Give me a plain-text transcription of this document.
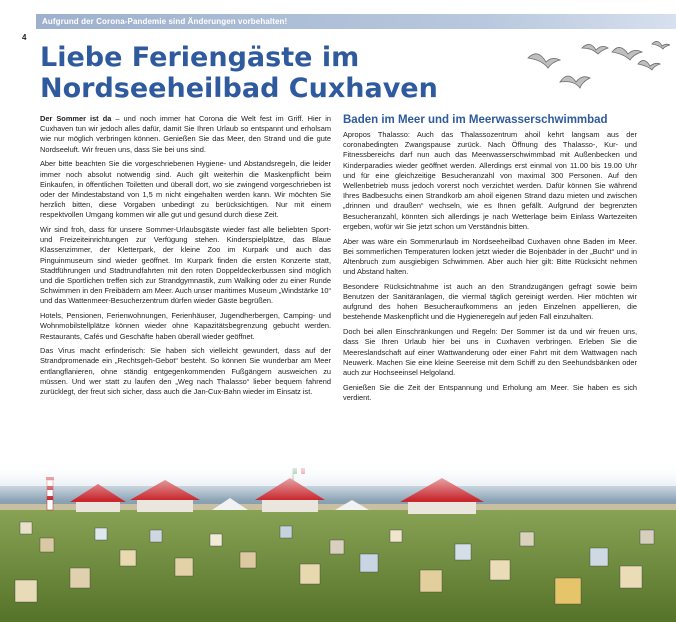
Aufgrund der Corona-Pandemie sind Änderungen vorbehalten!
4
Liebe Feriengäste im
Nordseeheilbad Cuxhaven

Der Sommer ist da – und noch immer hat Corona die Welt fest im Griff. Hier in Cuxhaven tun wir jedoch alles dafür, damit Sie Ihren Urlaub so entspannt und erholsam wie nur möglich verbringen können. Genießen Sie das Meer, den Strand und die gute Nordseeluft. Wir freuen uns, dass Sie bei uns sind.

Aber bitte beachten Sie die vorgeschriebenen Hygiene- und Abstandsregeln, die leider immer noch absolut notwendig sind. Auch gilt weiterhin die Maskenpflicht beim Einkaufen, in öffentlichen Toiletten und überall dort, wo sie zwingend vorgeschrieben ist oder der Mindestabstand von 1,5 m nicht eingehalten werden kann. Wir möchten Sie herzlich bitten, diese Vorgaben unbedingt zu berücksichtigen. Nur mit einem respektvollen Umgang kommen wir alle gut und gesund durch diese Zeit.

Wir sind froh, dass für unsere Sommer-Urlaubsgäste wieder fast alle beliebten Sport- und Freizeiteinrichtungen zur Verfügung stehen. Kinderspielplätze, das Blaue Klassenzimmer, der Kletterpark, der kleine Zoo im Kurpark und auch das Pinguinmuseum sind wieder geöffnet. Im Kurpark finden die ersten Konzerte statt, Stadtführungen und Stadtrundfahrten mit den roten Doppeldeckerbussen sind möglich und die Sportlichen treffen sich zur Strandgymnastik, zum Walking oder zu einer Runde Schwimmen in den Freibädern am Meer. Auch unser maritimes Museum „Windstärke 10“ und das Wattenmeer-Besucherzentrum dürfen wieder Gäste begrüßen.

Hotels, Pensionen, Ferienwohnungen, Ferienhäuser, Jugendherbergen, Camping- und Wohnmobilstellplätze können wieder ohne Kapazitätsbegrenzung gebucht werden. Restaurants, Cafés und Geschäfte haben überall wieder geöffnet.

Das Virus macht erfinderisch: Sie haben sich vielleicht gewundert, dass auf der Strandpromenade ein „Rechtsgeh-Gebot“ besteht. So können Sie wunderbar am Meer entlangflanieren, ohne ständig entgegenkommenden Fußgängern ausweichen zu müssen. Und wer statt zu laufen den „Weg nach Thalasso“ lieber bequem fahrend zurücklegt, der freut sich sicher, dass auch die Jan-Cux-Bahn wieder im Einsatz ist.

Baden im Meer und im Meerwasserschwimmbad

Apropos Thalasso: Auch das Thalassozentrum ahoil kehrt langsam aus der coronabedingten Zwangspause zurück. Nach Öffnung des Thalasso-, Kur- und Fitnessbereichs darf nun auch das Meerwasserschwimmbad mit Außenbecken und Kinderparadies wieder geöffnet werden. Allerdings erst einmal von 11.00 bis 19.00 Uhr und für eine gleichzeitige Besucheranzahl von maximal 300 Personen. Auf den Wellenbetrieb muss jedoch vorerst noch verzichtet werden. Dafür können Sie während Ihres Badbesuchs einen Strandkorb am ahoil eigenen Strand dazu mieten und zwischen „drinnen und draußen“ wechseln, wie es Ihnen gefällt. Aufgrund der begrenzten Besucheranzahl, könnten sich allerdings je nach Wetterlage beim Einlass Wartezeiten ergeben, wofür wir Sie jetzt schon um Verständnis bitten.

Aber was wäre ein Sommerurlaub im Nordseeheilbad Cuxhaven ohne Baden im Meer. Bei sommerlichen Temperaturen locken jetzt wieder die Bojenbäder in der „Bucht“ und in Altenbruch zum ausgiebigen Schwimmen. Aber auch hier gilt: Bitte Rücksicht nehmen und Abstand halten.

Besondere Rücksichtnahme ist auch an den Strandzugängen gefragt sowie beim Benutzen der Sanitäranlagen, die viermal täglich gereinigt werden. Hier möchten wir aufgrund des hohen Besucheraufkommens an jeden Einzelnen appellieren, die bestehende Maskenpflicht und die Hygieneregeln auf jeden Fall einzuhalten.

Doch bei allen Einschränkungen und Regeln: Der Sommer ist da und wir freuen uns, dass Sie Ihren Urlaub hier bei uns in Cuxhaven verbringen. Erleben Sie die Meereslandschaft auf einer Wattwanderung oder einer Fahrt mit dem Wattwagen nach Neuwerk. Machen Sie eine kleine Seereise mit dem Schiff zu den Seehundsbänken oder auch zur Hochseeinsel Helgoland.

Genießen Sie die Zeit der Entspannung und Erholung am Meer. Sie haben es sich verdient.
